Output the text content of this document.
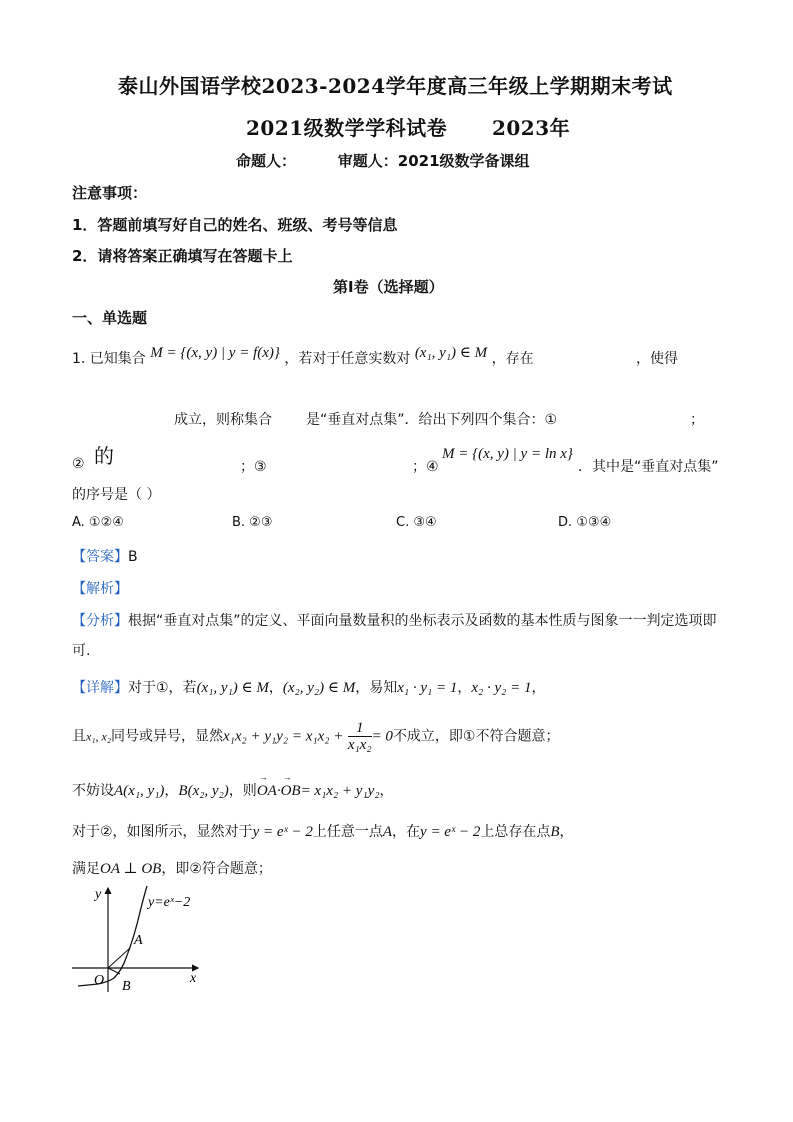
泰山外国语学校2023-2024学年度高三年级上学期期末考试
2021级数学学科试卷      2023年
命题人：        审题人：2021级数学备课组
注意事项：
1．答题前填写好自己的姓名、班级、考号等信息
2．请将答案正确填写在答题卡上
第I卷（选择题）
一、单选题
1. 已知集合 M = {(x, y) | y = f(x)} ，若对于任意实数对 (x₁, y₁) ∈ M ，存在	，使得
成立，则称集合 是“垂直对点集”．给出下列四个集合：①	；
② 的	；③	；④
M = {(x, y) | y = ln x}
．其中是“垂直对点集”
的序号是（ ）
A. ①②④	B. ②③	C. ③④	D. ①③④
【答案】B
【解析】
【分析】根据“垂直对点集”的定义、平面向量数量积的坐标表示及函数的基本性质与图象一一判定选项即
可.
【详解】对于①，若(x₁, y₁) ∈ M，(x₂, y₂) ∈ M，易知x₁ · y₁ = 1，x₂ · y₂ = 1，
且x₁, x₂同号或异号，显然$x_1x_2 + y_1y_2 = x_1x_2 + \frac{1}{\text{x₁x₂}} = 0$不成立，即①不符合题意；
不妨设A(x₁, y₁)，B(x₂, y₂)，则→ OA·→ OB= x₁x₂ + y₁y₂，
对于②，如图所示，显然对于y = eˣ − 2上任意一点A，在y = eˣ − 2上总存在点B，
满足OA ⊥ OB，即②符合题意；
y
x
O
A
B
y=eˣ−2
